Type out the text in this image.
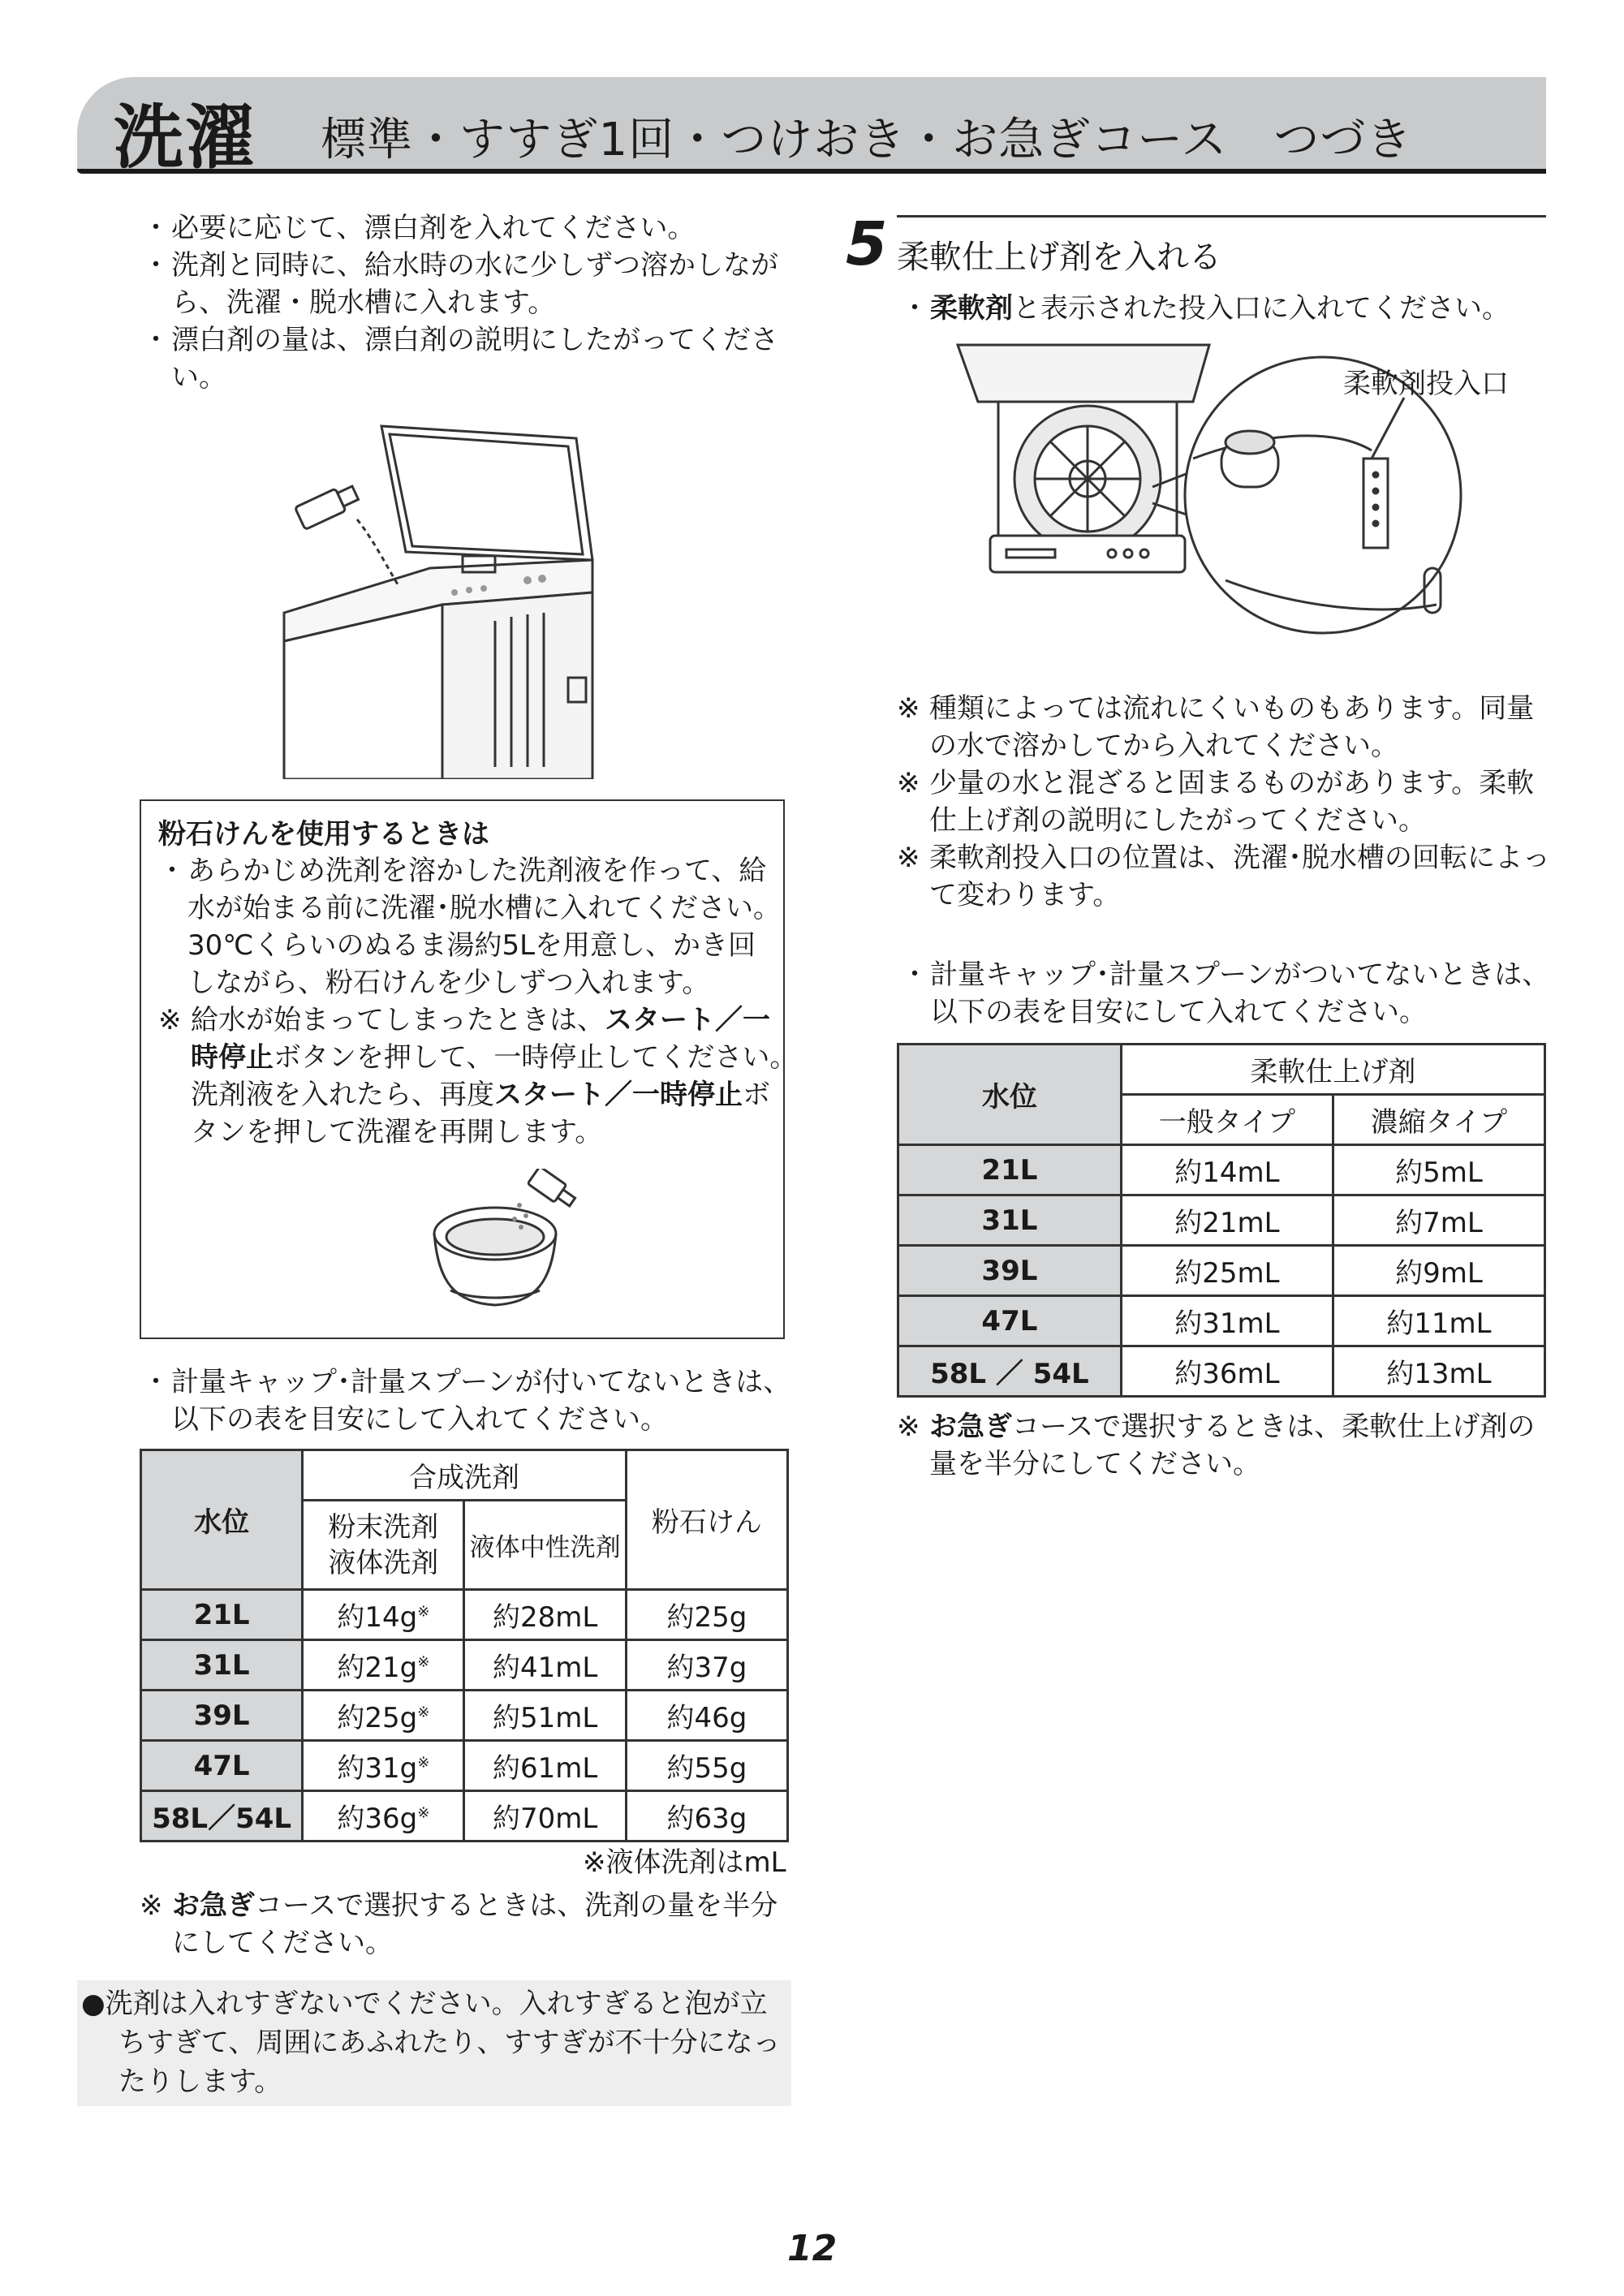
洗濯 標準・すすぎ1回・つけおき・お急ぎコース　つづき
・ 必要に応じて、漂白剤を入れてください。
・ 洗剤と同時に、給水時の水に少しずつ溶かしなが
ら、洗濯・脱水槽に入れます。
・ 漂白剤の量は、漂白剤の説明にしたがってくださ
い。
粉石けんを使用するときは
・ あらかじめ洗剤を溶かした洗剤液を作って、給
水が始まる前に洗濯･脱水槽に入れてください。
30℃くらいのぬるま湯約5Lを用意し、かき回
しながら、粉石けんを少しずつ入れます。
※ 給水が始まってしまったときは、スタート／一
時停止ボタンを押して、一時停止してください。
洗剤液を入れたら、再度スタート／一時停止ボ
タンを押して洗濯を再開します。
・ 計量キャップ･計量スプーンが付いてないときは、
以下の表を目安にして入れてください。
水位	合成洗剤		粉石けん

	粉末洗剤
液体洗剤	液体中性洗剤	
21L	約14g※	約28mL	約25g
31L	約21g※	約41mL	約37g
39L	約25g※	約51mL	約46g
47L	約31g※	約61mL	約55g
58L／54L	約36g※	約70mL	約63g
※液体洗剤はmL
※ お急ぎコースで選択するときは、洗剤の量を半分
にしてください。
●洗剤は入れすぎないでください。入れすぎると泡が立
ちすぎて、周囲にあふれたり、すすぎが不十分になっ
たりします。
5 柔軟仕上げ剤を入れる
・ 柔軟剤と表示された投入口に入れてください。
柔軟剤投入口
※ 種類によっては流れにくいものもあります。同量
の水で溶かしてから入れてください。
※ 少量の水と混ざると固まるものがあります。柔軟
仕上げ剤の説明にしたがってください。
※ 柔軟剤投入口の位置は、洗濯･脱水槽の回転によっ
て変わります。
・ 計量キャップ･計量スプーンがついてないときは、
以下の表を目安にして入れてください。
水位	柔軟仕上げ剤	
	一般タイプ	濃縮タイプ
21L	約14mL	約5mL
31L	約21mL	約7mL
39L	約25mL	約9mL
47L	約31mL	約11mL
58L ／ 54L	約36mL	約13mL
※ お急ぎコースで選択するときは、柔軟仕上げ剤の
量を半分にしてください。
12
